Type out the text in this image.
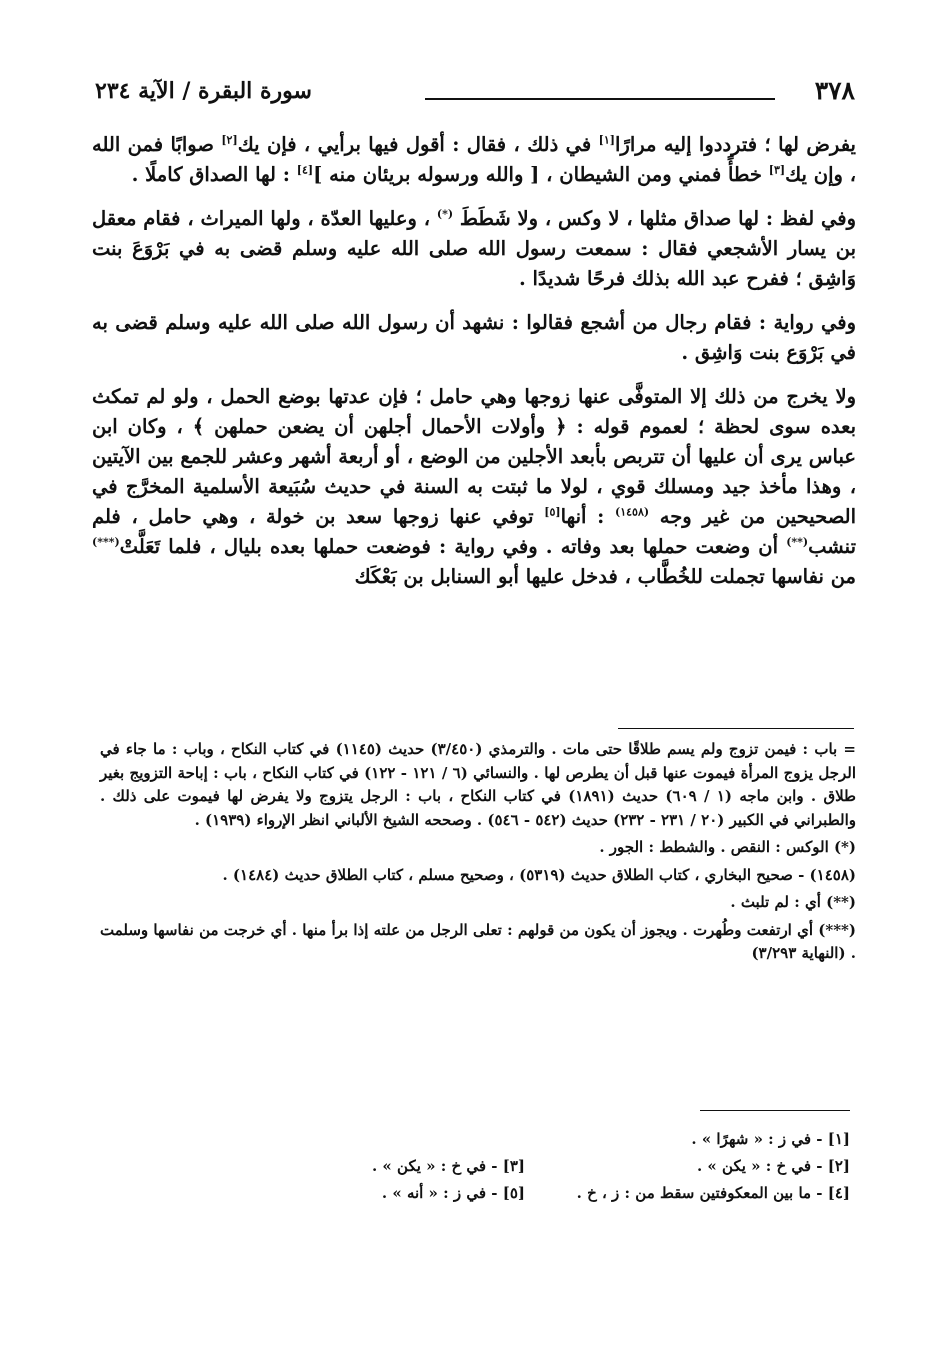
٣٧٨
سورة البقرة / الآية ٢٣٤

يفرض لها ؛ فترددوا إليه مرارًا[١] في ذلك ، فقال : أقول فيها برأيي ، فإن يك[٢] صوابًا فمن الله ، وإن يك[٣] خطأً فمني ومن الشيطان ، [ والله ورسوله بريئان منه ][٤] : لها الصداق كاملًا .

وفي لفظ : لها صداق مثلها ، لا وكس ، ولا شَطَطَ (*) ، وعليها العدّة ، ولها الميراث ، فقام معقل بن يسار الأشجعي فقال : سمعت رسول الله صلى الله عليه وسلم قضى به في بَرْوَعَ بنت وَاشِق ؛ ففرح عبد الله بذلك فرحًا شديدًا .

وفي رواية : فقام رجال من أشجع فقالوا : نشهد أن رسول الله صلى الله عليه وسلم قضى به في بَرْوَع بنت وَاشِق .

ولا يخرج من ذلك إلا المتوفَّى عنها زوجها وهي حامل ؛ فإن عدتها بوضع الحمل ، ولو لم تمكث بعده سوى لحظة ؛ لعموم قوله : ﴿ وأولات الأحمال أجلهن أن يضعن حملهن ﴾ ، وكان ابن عباس يرى أن عليها أن تتربص بأبعد الأجلين من الوضع ، أو أربعة أشهر وعشر للجمع بين الآيتين ، وهذا مأخذ جيد ومسلك قوي ، لولا ما ثبتت به السنة في حديث سُبَيعة الأسلمية المخرَّج في الصحيحين من غير وجه $^{(١٤٥٨)}$ : أنها[٥] توفي عنها زوجها سعد بن خولة ، وهي حامل ، فلم تنشب(**) أن وضعت حملها بعد وفاته . وفي رواية : فوضعت حملها بعده بليال ، فلما تَعَلَّتْ(***) من نفاسها تجملت للخُطَّاب ، فدخل عليها أبو السنابل بن بَعْكَك

= باب : فيمن تزوج ولم يسم طلاقًا حتى مات . والترمذي (٣/٤٥٠) حديث (١١٤٥) في كتاب النكاح ، وباب : ما جاء في الرجل يزوج المرأة فيموت عنها قبل أن يطرص لها . والنسائي (٦ / ١٢١ - ١٢٢) في كتاب النكاح ، باب : إباحة التزويج بغير طلاق . وابن ماجه (١ / ٦٠٩) حديث (١٨٩١) في كتاب النكاح ، باب : الرجل يتزوج ولا يفرض لها فيموت على ذلك . والطبراني في الكبير (٢٠ / ٢٣١ - ٢٣٢) حديث (٥٤٢ - ٥٤٦) . وصححه الشيخ الألباني انظر الإرواء (١٩٣٩) .

(*) الوكس : النقص . والشطط : الجور .

(١٤٥٨) - صحيح البخاري ، كتاب الطلاق حديث (٥٣١٩) ، وصحيح مسلم ، كتاب الطلاق حديث (١٤٨٤) .

(**) أي : لم تلبث .

(***) أي ارتفعت وطُهرت . ويجوز أن يكون من قولهم : تعلى الرجل من علته إذا برأ منها . أي خرجت من نفاسها وسلمت . (النهاية ٣/٢٩٣)

[١] - في ز : « شهرًا » .
[٢] - في خ : « يكن » .
[٣] - في خ : « يكن » .
[٤] - ما بين المعكوفتين سقط من : ز ، خ .
[٥] - في ز : « أنه » .
